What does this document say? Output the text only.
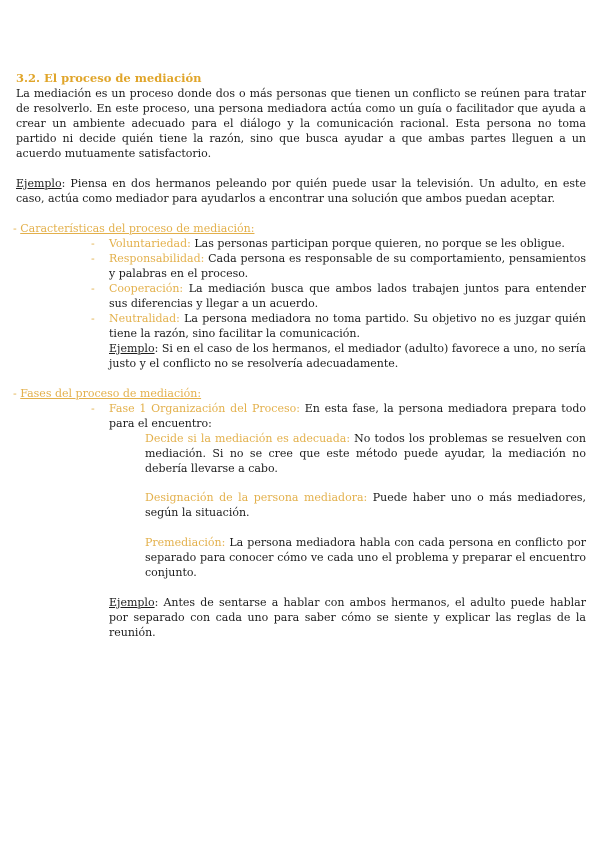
3.2. El proceso de mediación
La mediación es un proceso donde dos o más personas que tienen un conflicto se reúnen para tratar de resolverlo. En este proceso, una persona mediadora actúa como un guía o facilitador que ayuda a crear un ambiente adecuado para el diálogo y la comunicación racional. Esta persona no toma partido ni decide quién tiene la razón, sino que busca ayudar a que ambas partes lleguen a un acuerdo mutuamente satisfactorio.
Ejemplo: Piensa en dos hermanos peleando por quién puede usar la televisión. Un adulto, en este caso, actúa como mediador para ayudarlos a encontrar una solución que ambos puedan aceptar.
- Características del proceso de mediación:
- Voluntariedad: Las personas participan porque quieren, no porque se les obligue.
- Responsabilidad: Cada persona es responsable de su comportamiento, pensamientos y palabras en el proceso.
- Cooperación: La mediación busca que ambos lados trabajen juntos para entender sus diferencias y llegar a un acuerdo.
- Neutralidad: La persona mediadora no toma partido. Su objetivo no es juzgar quién tiene la razón, sino facilitar la comunicación.
Ejemplo: Si en el caso de los hermanos, el mediador (adulto) favorece a uno, no sería justo y el conflicto no se resolvería adecuadamente.
- Fases del proceso de mediación:
- Fase 1 Organización del Proceso: En esta fase, la persona mediadora prepara todo para el encuentro:
Decide si la mediación es adecuada: No todos los problemas se resuelven con mediación. Si no se cree que este método puede ayudar, la mediación no debería llevarse a cabo.
Designación de la persona mediadora: Puede haber uno o más mediadores, según la situación.
Premediación: La persona mediadora habla con cada persona en conflicto por separado para conocer cómo ve cada uno el problema y preparar el encuentro conjunto.
Ejemplo: Antes de sentarse a hablar con ambos hermanos, el adulto puede hablar por separado con cada uno para saber cómo se siente y explicar las reglas de la reunión.
